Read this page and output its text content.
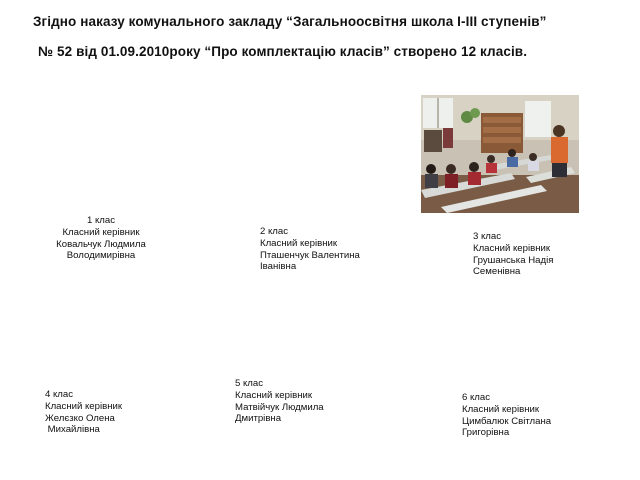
Згідно наказу комунального закладу “Загальноосвітня школа І-ІІІ ступенів”
№ 52 від 01.09.2010року “Про комплектацію класів” створено 12 класів.
1 клас
Класний керівник
Ковальчук Людмила
Володимирівна
2 клас
Класний керівник
Пташенчук Валентина
Іванівна
3 клас
Класний керівник
Грушанська Надія
Семенівна
4 клас
Класний керівник
Желєзко Олена
Михайлівна
5 клас
Класний керівник
Матвійчук Людмила
Дмитрівна
6 клас
Класний керівник
Цимбалюк Світлана
Григорівна
